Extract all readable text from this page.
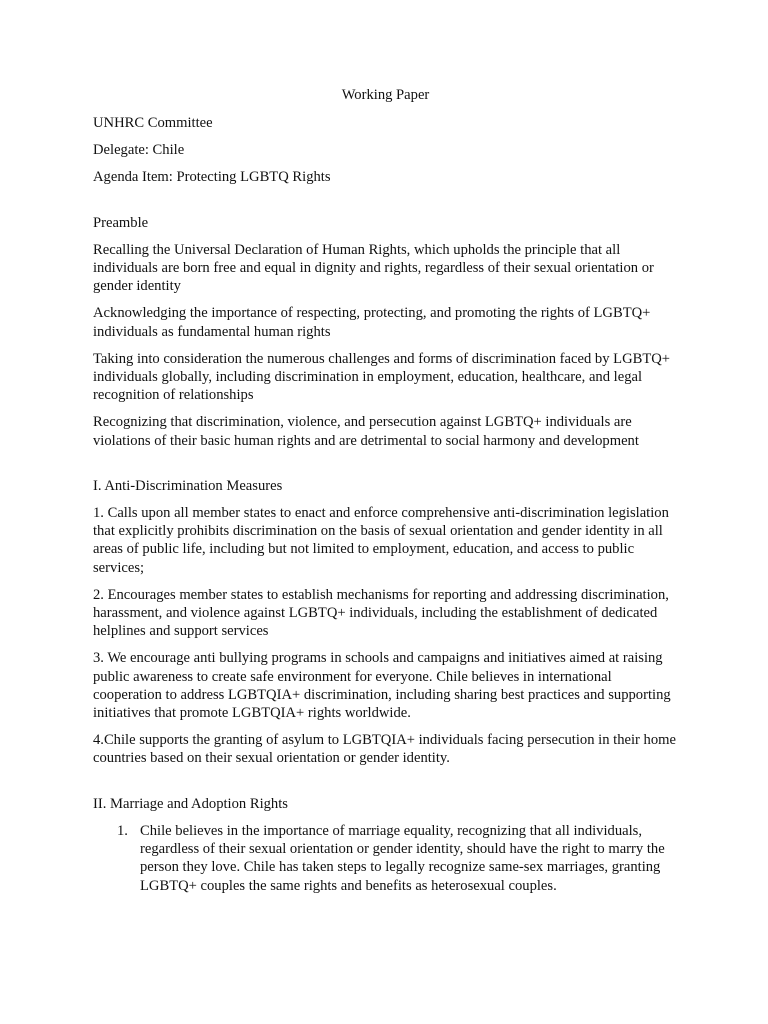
Working Paper

UNHRC Committee

Delegate: Chile

Agenda Item: Protecting LGBTQ Rights

Preamble

Recalling the Universal Declaration of Human Rights, which upholds the principle that all individuals are born free and equal in dignity and rights, regardless of their sexual orientation or gender identity

Acknowledging the importance of respecting, protecting, and promoting the rights of LGBTQ+ individuals as fundamental human rights

Taking into consideration the numerous challenges and forms of discrimination faced by LGBTQ+ individuals globally, including discrimination in employment, education, healthcare, and legal recognition of relationships

Recognizing that discrimination, violence, and persecution against LGBTQ+ individuals are violations of their basic human rights and are detrimental to social harmony and development

I. Anti-Discrimination Measures

1. Calls upon all member states to enact and enforce comprehensive anti-discrimination legislation that explicitly prohibits discrimination on the basis of sexual orientation and gender identity in all areas of public life, including but not limited to employment, education, and access to public services;

2. Encourages member states to establish mechanisms for reporting and addressing discrimination, harassment, and violence against LGBTQ+ individuals, including the establishment of dedicated helplines and support services

3. We encourage anti bullying programs in schools and campaigns and initiatives aimed at raising public awareness to create safe environment for everyone. Chile believes in international cooperation to address LGBTQIA+ discrimination, including sharing best practices and supporting initiatives that promote LGBTQIA+ rights worldwide.

4.Chile supports the granting of asylum to LGBTQIA+ individuals facing persecution in their home countries based on their sexual orientation or gender identity.

II. Marriage and Adoption Rights

1. Chile believes in the importance of marriage equality, recognizing that all individuals, regardless of their sexual orientation or gender identity, should have the right to marry the person they love. Chile has taken steps to legally recognize same-sex marriages, granting LGBTQ+ couples the same rights and benefits as heterosexual couples.
